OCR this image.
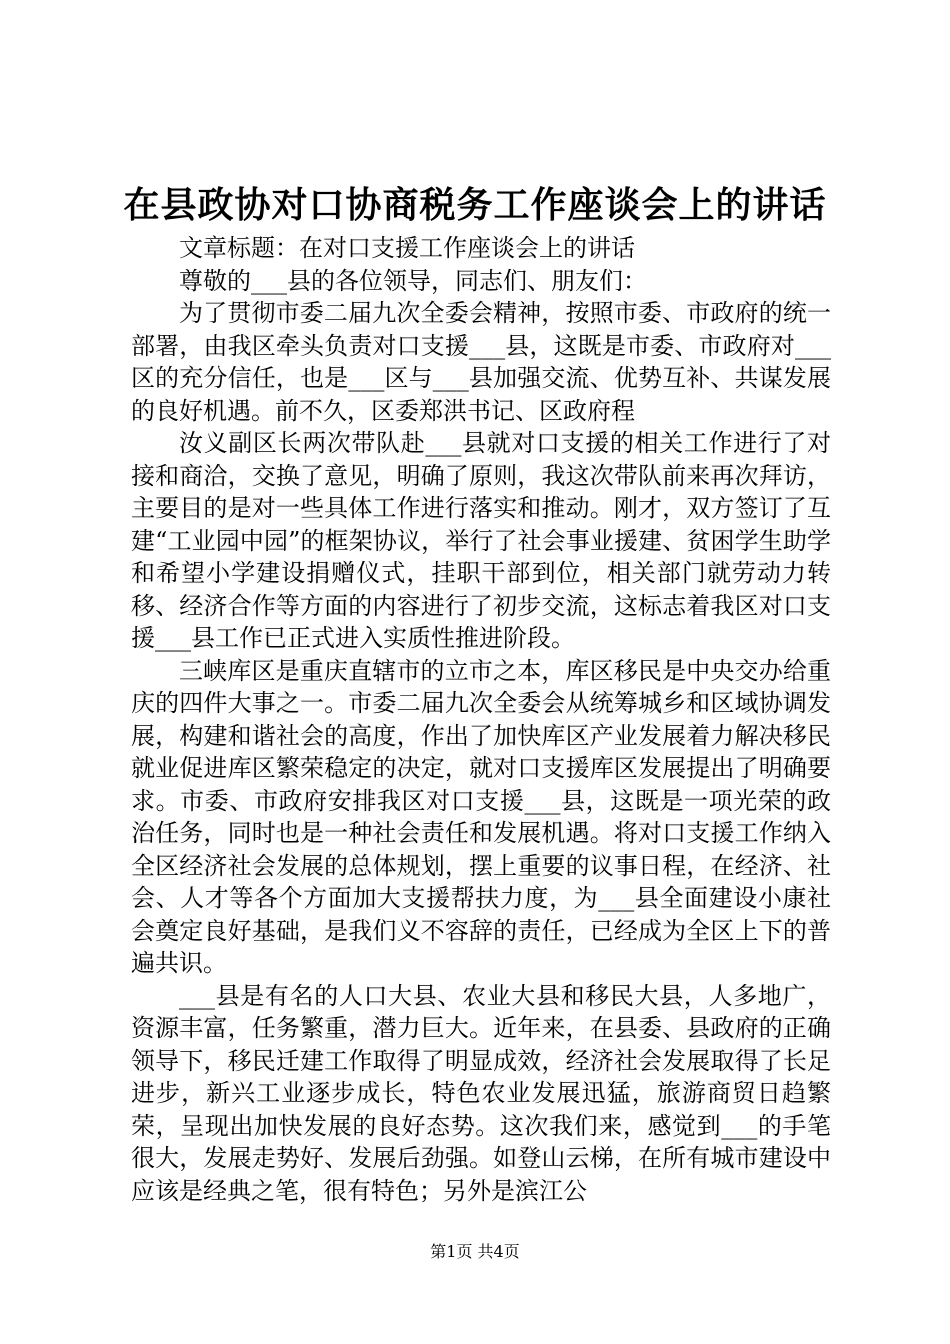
在县政协对口协商税务工作座谈会上的讲话

文章标题：在对口支援工作座谈会上的讲话

尊敬的___县的各位领导，同志们、朋友们：

为了贯彻市委二届九次全委会精神，按照市委、市政府的统一部署，由我区牵头负责对口支援___县，这既是市委、市政府对___区的充分信任，也是___区与___县加强交流、优势互补、共谋发展的良好机遇。前不久，区委郑洪书记、区政府程

汝义副区长两次带队赴___县就对口支援的相关工作进行了对接和商洽，交换了意见，明确了原则，我这次带队前来再次拜访，主要目的是对一些具体工作进行落实和推动。刚才，双方签订了互建“工业园中园”的框架协议，举行了社会事业援建、贫困学生助学和希望小学建设捐赠仪式，挂职干部到位，相关部门就劳动力转移、经济合作等方面的内容进行了初步交流，这标志着我区对口支援___县工作已正式进入实质性推进阶段。

三峡库区是重庆直辖市的立市之本，库区移民是中央交办给重庆的四件大事之一。市委二届九次全委会从统筹城乡和区域协调发展，构建和谐社会的高度，作出了加快库区产业发展着力解决移民就业促进库区繁荣稳定的决定，就对口支援库区发展提出了明确要求。市委、市政府安排我区对口支援___县，这既是一项光荣的政治任务，同时也是一种社会责任和发展机遇。将对口支援工作纳入全区经济社会发展的总体规划，摆上重要的议事日程，在经济、社会、人才等各个方面加大支援帮扶力度，为___县全面建设小康社会奠定良好基础，是我们义不容辞的责任，已经成为全区上下的普遍共识。

___县是有名的人口大县、农业大县和移民大县，人多地广，资源丰富，任务繁重，潜力巨大。近年来，在县委、县政府的正确领导下，移民迁建工作取得了明显成效，经济社会发展取得了长足进步，新兴工业逐步成长，特色农业发展迅猛，旅游商贸日趋繁荣，呈现出加快发展的良好态势。这次我们来，感觉到___的手笔很大，发展走势好、发展后劲强。如登山云梯，在所有城市建设中应该是经典之笔，很有特色；另外是滨江公

第1页 共4页
